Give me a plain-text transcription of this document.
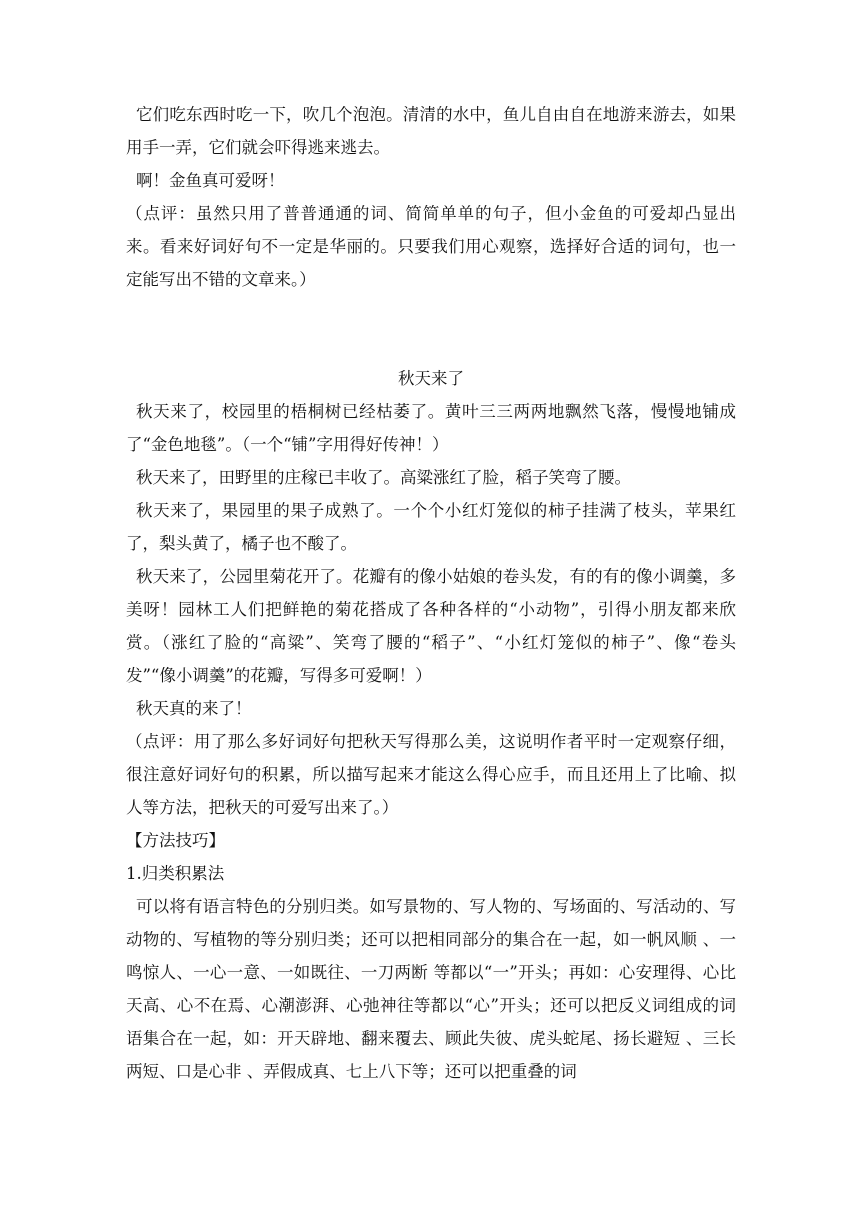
它们吃东西时吃一下，吹几个泡泡。清清的水中，鱼儿自由自在地游来游去，如果用手一弄，它们就会吓得逃来逃去。

啊！金鱼真可爱呀！

（点评：虽然只用了普普通通的词、简简单单的句子，但小金鱼的可爱却凸显出来。看来好词好句不一定是华丽的。只要我们用心观察，选择好合适的词句，也一定能写出不错的文章来。）

秋天来了

秋天来了，校园里的梧桐树已经枯萎了。黄叶三三两两地飘然飞落，慢慢地铺成了“金色地毯”。（一个“铺”字用得好传神！）

秋天来了，田野里的庄稼已丰收了。高粱涨红了脸，稻子笑弯了腰。

秋天来了，果园里的果子成熟了。一个个小红灯笼似的柿子挂满了枝头，苹果红了，梨头黄了，橘子也不酸了。

秋天来了，公园里菊花开了。花瓣有的像小姑娘的卷头发，有的有的像小调羹，多美呀！园林工人们把鲜艳的菊花搭成了各种各样的“小动物”，引得小朋友都来欣赏。（涨红了脸的“高粱”、笑弯了腰的“稻子”、“小红灯笼似的柿子”、像“卷头发”“像小调羹”的花瓣，写得多可爱啊！）

秋天真的来了！

（点评：用了那么多好词好句把秋天写得那么美，这说明作者平时一定观察仔细，很注意好词好句的积累，所以描写起来才能这么得心应手，而且还用上了比喻、拟人等方法，把秋天的可爱写出来了。）

【方法技巧】

1.归类积累法

可以将有语言特色的分别归类。如写景物的、写人物的、写场面的、写活动的、写动物的、写植物的等分别归类；还可以把相同部分的集合在一起，如一帆风顺 、一鸣惊人、一心一意、一如既往、一刀两断 等都以“一”开头；再如：心安理得、心比天高、心不在焉、心潮澎湃、心弛神往等都以“心”开头；还可以把反义词组成的词语集合在一起，如：开天辟地、翻来覆去、顾此失彼、虎头蛇尾、扬长避短 、三长两短、口是心非 、弄假成真、七上八下等；还可以把重叠的词
